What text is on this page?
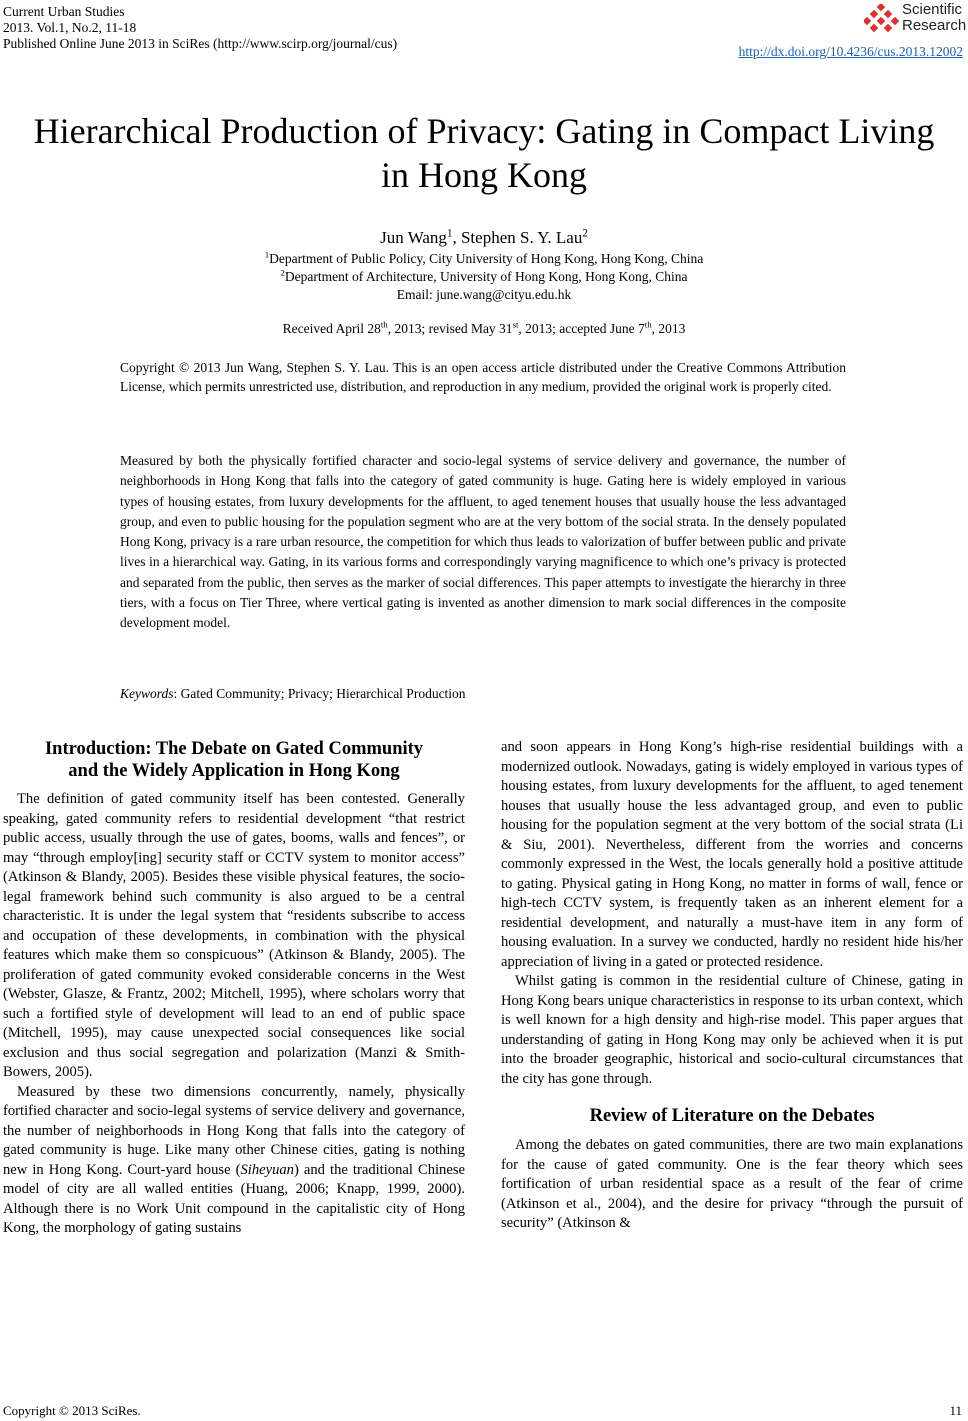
Current Urban Studies
2013. Vol.1, No.2, 11-18
Published Online June 2013 in SciRes (http://www.scirp.org/journal/cus)
Scientific
Research
http://dx.doi.org/10.4236/cus.2013.12002
Hierarchical Production of Privacy: Gating in Compact Living
in Hong Kong
Jun Wang$^1$, Stephen S. Y. Lau$^2$
$^1$Department of Public Policy, City University of Hong Kong, Hong Kong, China
$^2$Department of Architecture, University of Hong Kong, Hong Kong, China
Email: june.wang@cityu.edu.hk
Received April 28th, 2013; revised May 31st, 2013; accepted June 7th, 2013
Copyright © 2013 Jun Wang, Stephen S. Y. Lau. This is an open access article distributed under the Creative Commons Attribution License, which permits unrestricted use, distribution, and reproduction in any medium, provided the original work is properly cited.
Measured by both the physically fortified character and socio-legal systems of service delivery and governance, the number of neighborhoods in Hong Kong that falls into the category of gated community is huge. Gating here is widely employed in various types of housing estates, from luxury developments for the affluent, to aged tenement houses that usually house the less advantaged group, and even to public housing for the population segment who are at the very bottom of the social strata. In the densely populated Hong Kong, privacy is a rare urban resource, the competition for which thus leads to valorization of buffer between public and private lives in a hierarchical way. Gating, in its various forms and correspondingly varying magnificence to which one’s privacy is protected and separated from the public, then serves as the marker of social differences. This paper attempts to investigate the hierarchy in three tiers, with a focus on Tier Three, where vertical gating is invented as another dimension to mark social differences in the composite development model.
Keywords: Gated Community; Privacy; Hierarchical Production
Introduction: The Debate on Gated Community
and the Widely Application in Hong Kong

The definition of gated community itself has been contested. Generally speaking, gated community refers to residential development “that restrict public access, usually through the use of gates, booms, walls and fences”, or may “through employ[ing] security staff or CCTV system to monitor access” (Atkinson & Blandy, 2005). Besides these visible physical features, the socio-legal framework behind such community is also argued to be a central characteristic. It is under the legal system that “residents subscribe to access and occupation of these developments, in combination with the physical features which make them so conspicuous” (Atkinson & Blandy, 2005). The proliferation of gated community evoked considerable concerns in the West (Webster, Glasze, & Frantz, 2002; Mitchell, 1995), where scholars worry that such a fortified style of development will lead to an end of public space (Mitchell, 1995), may cause unexpected social consequences like social exclusion and thus social segregation and polarization (Manzi & Smith-Bowers, 2005).

Measured by these two dimensions concurrently, namely, physically fortified character and socio-legal systems of service delivery and governance, the number of neighborhoods in Hong Kong that falls into the category of gated community is huge. Like many other Chinese cities, gating is nothing new in Hong Kong. Court-yard house (Siheyuan) and the traditional Chinese model of city are all walled entities (Huang, 2006; Knapp, 1999, 2000). Although there is no Work Unit compound in the capitalistic city of Hong Kong, the morphology of gating sustains

and soon appears in Hong Kong’s high-rise residential buildings with a modernized outlook. Nowadays, gating is widely employed in various types of housing estates, from luxury developments for the affluent, to aged tenement houses that usually house the less advantaged group, and even to public housing for the population segment at the very bottom of the social strata (Li & Siu, 2001). Nevertheless, different from the worries and concerns commonly expressed in the West, the locals generally hold a positive attitude to gating. Physical gating in Hong Kong, no matter in forms of wall, fence or high-tech CCTV system, is frequently taken as an inherent element for a residential development, and naturally a must-have item in any form of housing evaluation. In a survey we conducted, hardly no resident hide his/her appreciation of living in a gated or protected residence.

Whilst gating is common in the residential culture of Chinese, gating in Hong Kong bears unique characteristics in response to its urban context, which is well known for a high density and high-rise model. This paper argues that understanding of gating in Hong Kong may only be achieved when it is put into the broader geographic, historical and socio-cultural circumstances that the city has gone through.

Review of Literature on the Debates

Among the debates on gated communities, there are two main explanations for the cause of gated community. One is the fear theory which sees fortification of urban residential space as a result of the fear of crime (Atkinson et al., 2004), and the desire for privacy “through the pursuit of security” (Atkinson &

Copyright © 2013 SciRes.	11
